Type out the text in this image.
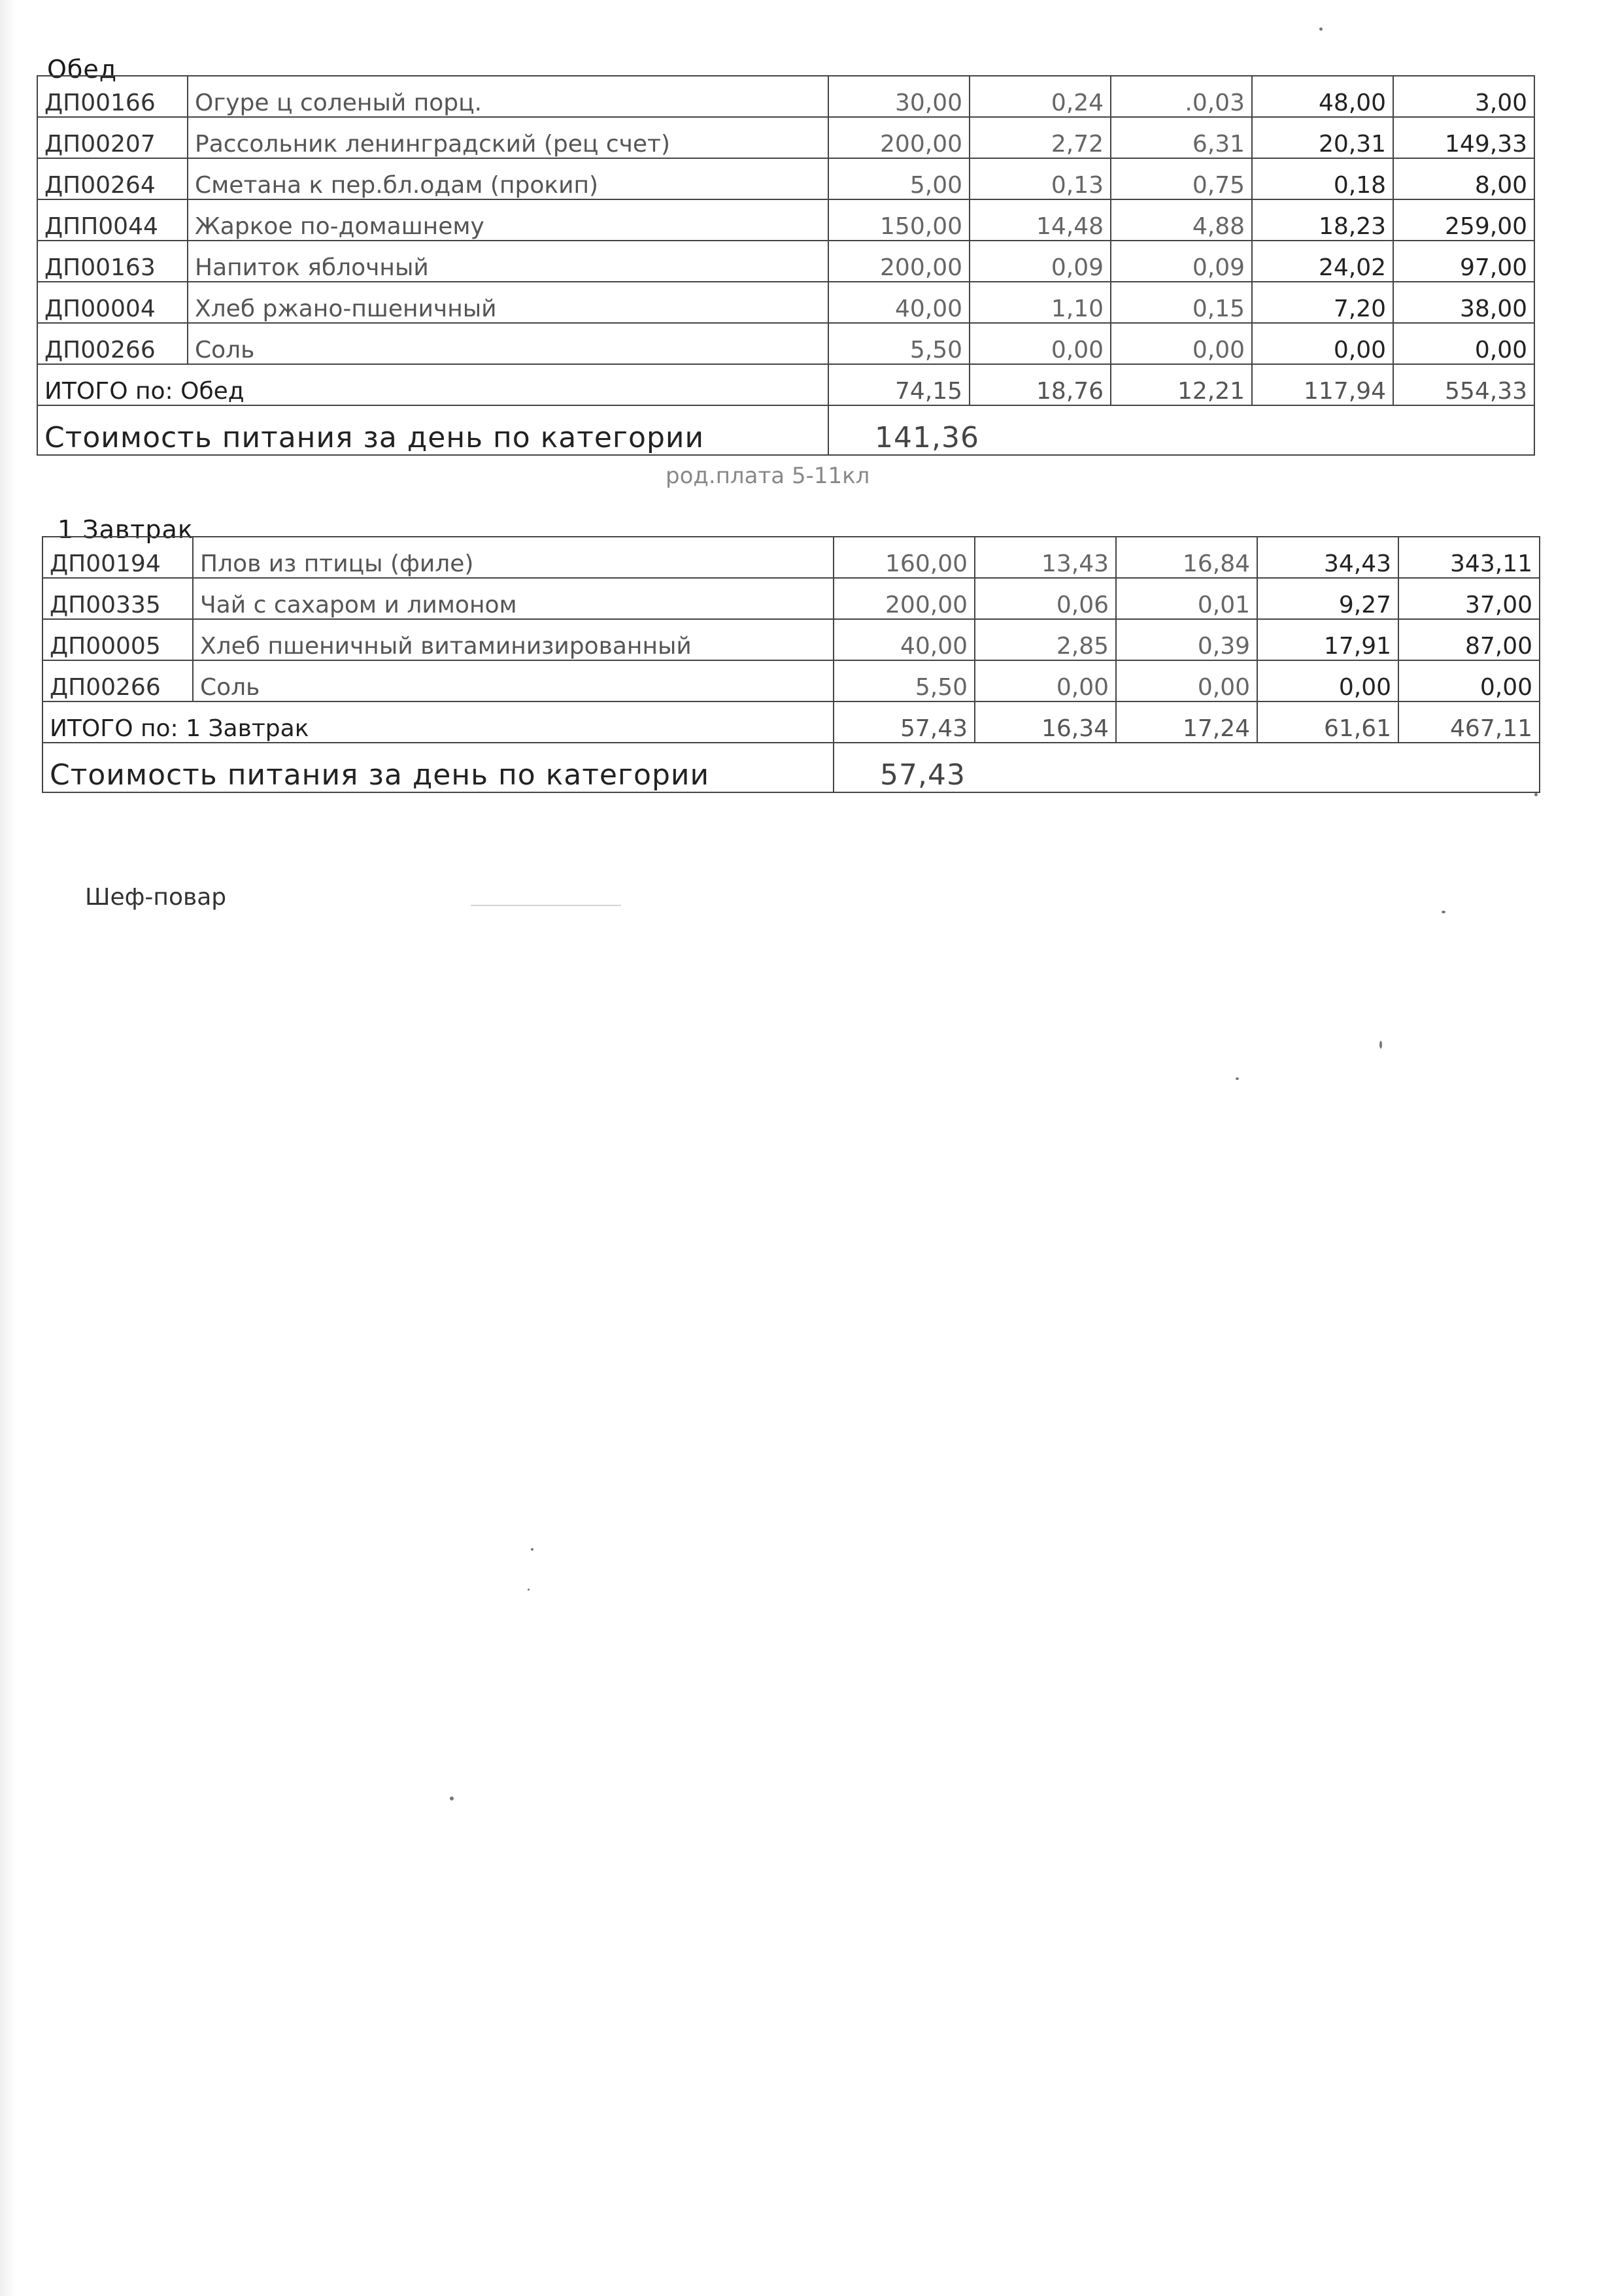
Обед
ДП00166	Огуре ц соленый порц.	30,00	0,24	.0,03	48,00	3,00
ДП00207	Рассольник ленинградский (рец счет)	200,00	2,72	6,31	20,31	149,33
ДП00264	Сметана к пер.бл.одам (прокип)	5,00	0,13	0,75	0,18	8,00
ДПП0044	Жаркое по-домашнему	150,00	14,48	4,88	18,23	259,00
ДП00163	Напиток яблочный	200,00	0,09	0,09	24,02	97,00
ДП00004	Хлеб ржано-пшеничный	40,00	1,10	0,15	7,20	38,00
ДП00266	Соль	5,50	0,00	0,00	0,00	0,00
ИТОГО по: Обед		74,15	18,76	12,21	117,94	554,33
Стоимость питания за день по категории		141,36				
род.плата 5-11кл
1 Завтрак
ДП00194	Плов из птицы (филе)	160,00	13,43	16,84	34,43	343,11
ДП00335	Чай с сахаром и лимоном	200,00	0,06	0,01	9,27	37,00
ДП00005	Хлеб пшеничный витаминизированный	40,00	2,85	0,39	17,91	87,00
ДП00266	Соль	5,50	0,00	0,00	0,00	0,00
ИТОГО по: 1 Завтрак		57,43	16,34	17,24	61,61	467,11
Стоимость питания за день по категории		57,43				
Шеф-повар
